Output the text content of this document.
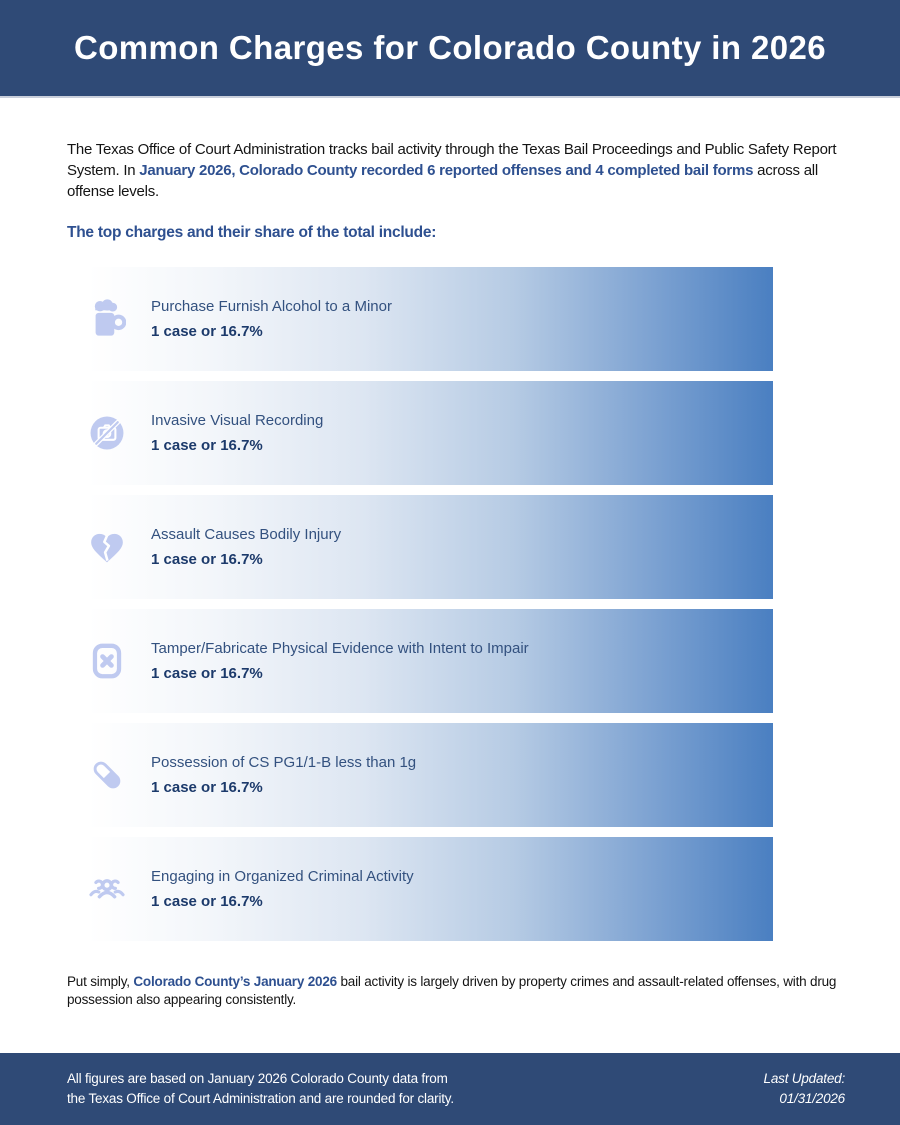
Common Charges for Colorado County in 2026

The Texas Office of Court Administration tracks bail activity through the Texas Bail Proceedings and Public Safety Report System. In January 2026, Colorado County recorded 6 reported offenses and 4 completed bail forms across all offense levels.

The top charges and their share of the total include:

Purchase Furnish Alcohol to a Minor
1 case or 16.7%
Invasive Visual Recording
1 case or 16.7%
Assault Causes Bodily Injury
1 case or 16.7%
Tamper/Fabricate Physical Evidence with Intent to Impair
1 case or 16.7%
Possession of CS PG1/1-B less than 1g
1 case or 16.7%
Engaging in Organized Criminal Activity
1 case or 16.7%

Put simply, Colorado County’s January 2026 bail activity is largely driven by property crimes and assault-related offenses, with drug possession also appearing consistently.

All figures are based on January 2026 Colorado County data from
the Texas Office of Court Administration and are rounded for clarity.
Last Updated:
01/31/2026
